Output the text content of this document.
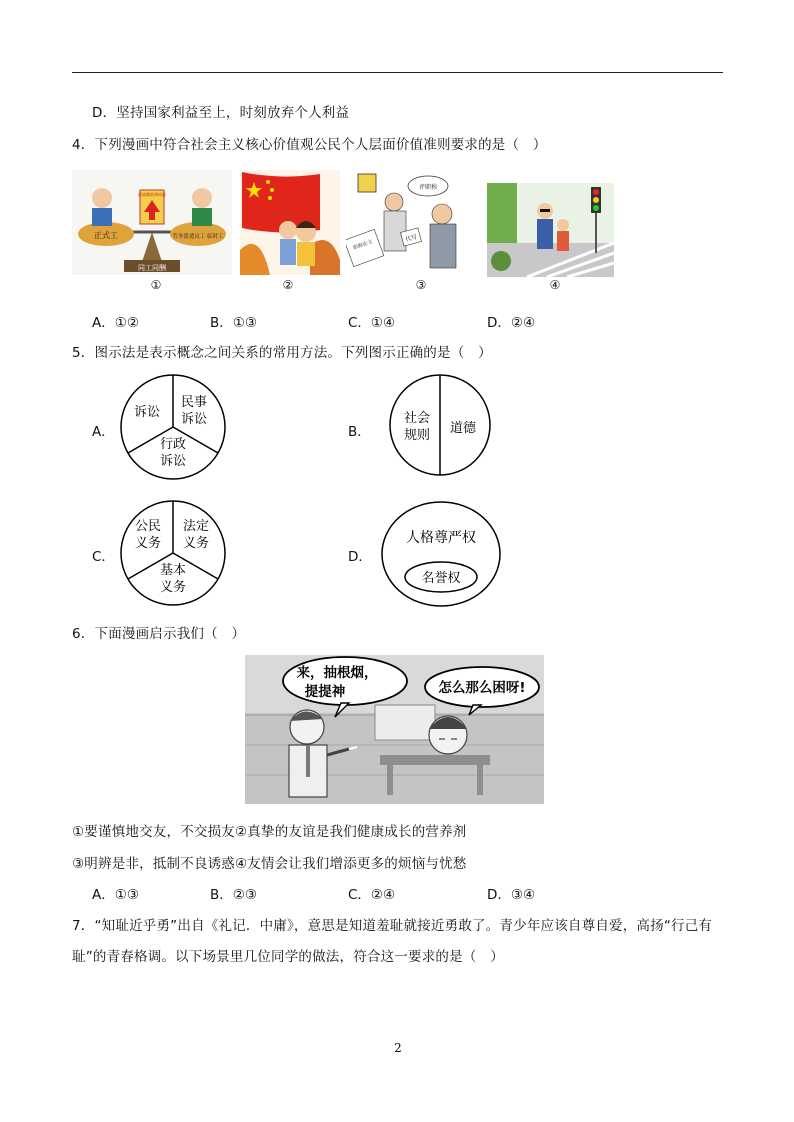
D．坚持国家利益至上，时刻放弃个人利益
4．下列漫画中符合社会主义核心价值观公民个人层面价值准则要求的是（　）
正式工	劳务派遣员工 临时工
最高额收到同意
同工同酬
①	②
评职称
代写
职称论文
③	④
A．①②	B．①③	C．①④	D．②④
5．图示法是表示概念之间关系的常用方法。下列图示正确的是（　）
A．
诉讼
民事诉讼
行政诉讼
B．
社会规则 道德
C．
公民义务
法定义务
基本义务
D．
人格尊严权
名誉权
6．下面漫画启示我们（　）
来，抽根烟，提提神	怎么那么困呀!
①要谨慎地交友，不交损友②真挚的友谊是我们健康成长的营养剂
③明辨是非，抵制不良诱惑④友情会让我们增添更多的烦恼与忧愁
A．①③	B．②③	C．②④	D．③④
7．“知耻近乎勇”出自《礼记．中庸》，意思是知道羞耻就接近勇敢了。青少年应该自尊自爱，高扬“行己有
耻”的青春格调。以下场景里几位同学的做法，符合这一要求的是（　）
2
